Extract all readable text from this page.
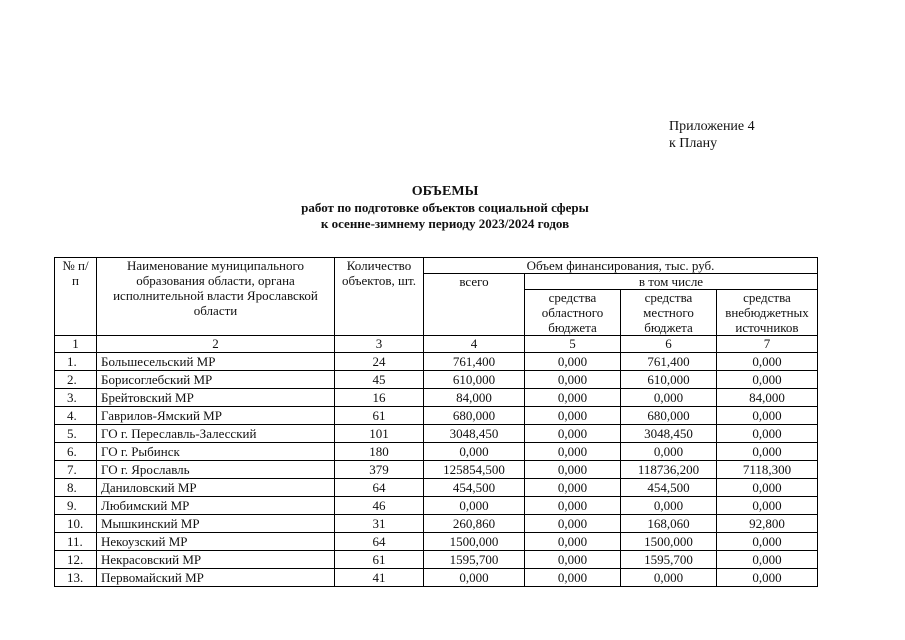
Приложение 4
к Плану
ОБЪЕМЫ
работ по подготовке объектов социальной сферы
к осенне-зимнему периоду 2023/2024 годов
№ п/п	Наименование муниципального образования области, органа исполнительной власти Ярославской области	Количество объектов, шт.	Объем финансирования, тыс. руб.			
			всего	в том числе		
				средства областного бюджета	средства местного бюджета	средства внебюджетных источников
1	2	3	4	5	6	7
1.	Большесельский МР	24	761,400	0,000	761,400	0,000
2.	Борисоглебский МР	45	610,000	0,000	610,000	0,000
3.	Брейтовский МР	16	84,000	0,000	0,000	84,000
4.	Гаврилов-Ямский МР	61	680,000	0,000	680,000	0,000
5.	ГО г. Переславль-Залесский	101	3048,450	0,000	3048,450	0,000
6.	ГО г. Рыбинск	180	0,000	0,000	0,000	0,000
7.	ГО г. Ярославль	379	125854,500	0,000	118736,200	7118,300
8.	Даниловский МР	64	454,500	0,000	454,500	0,000
9.	Любимский МР	46	0,000	0,000	0,000	0,000
10.	Мышкинский МР	31	260,860	0,000	168,060	92,800
11.	Некоузский МР	64	1500,000	0,000	1500,000	0,000
12.	Некрасовский МР	61	1595,700	0,000	1595,700	0,000
13.	Первомайский МР	41	0,000	0,000	0,000	0,000
